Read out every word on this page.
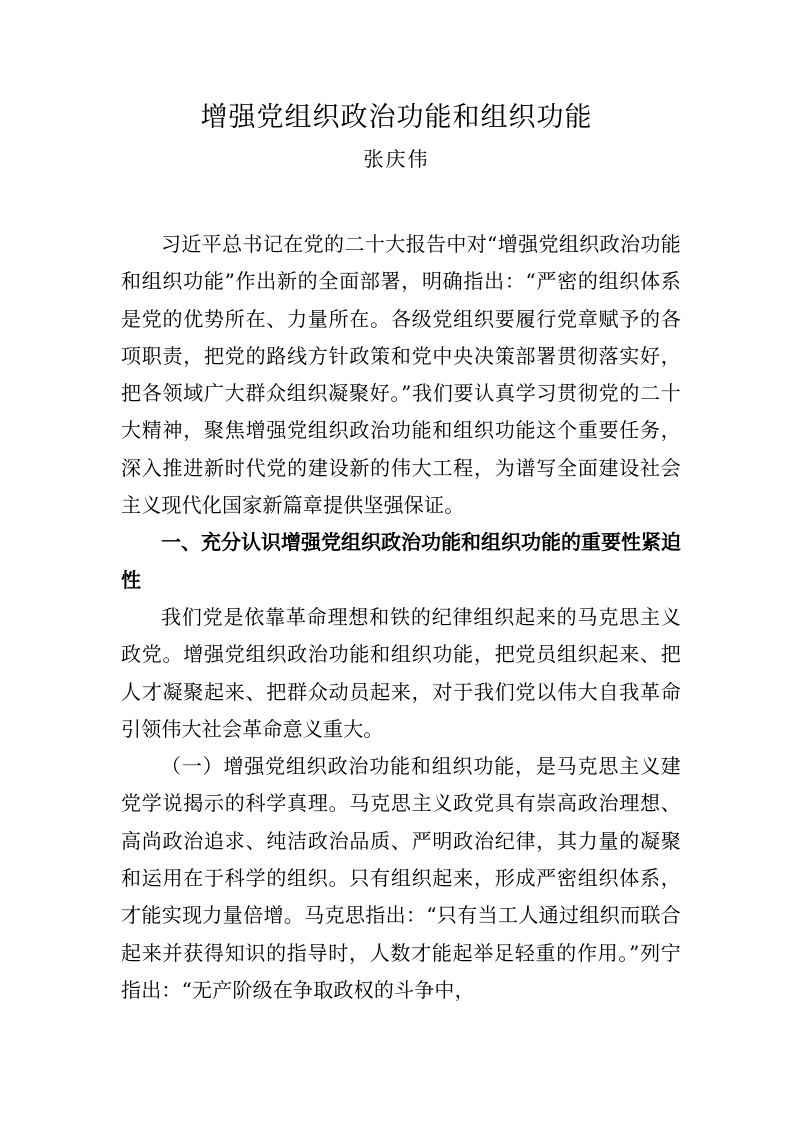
增强党组织政治功能和组织功能
张庆伟

习近平总书记在党的二十大报告中对“增强党组织政治功能和组织功能”作出新的全面部署，明确指出：“严密的组织体系是党的优势所在、力量所在。各级党组织要履行党章赋予的各项职责，把党的路线方针政策和党中央决策部署贯彻落实好，把各领域广大群众组织凝聚好。”我们要认真学习贯彻党的二十大精神，聚焦增强党组织政治功能和组织功能这个重要任务，深入推进新时代党的建设新的伟大工程，为谱写全面建设社会主义现代化国家新篇章提供坚强保证。

一、充分认识增强党组织政治功能和组织功能的重要性紧迫性

我们党是依靠革命理想和铁的纪律组织起来的马克思主义政党。增强党组织政治功能和组织功能，把党员组织起来、把人才凝聚起来、把群众动员起来，对于我们党以伟大自我革命引领伟大社会革命意义重大。

（一）增强党组织政治功能和组织功能，是马克思主义建党学说揭示的科学真理。马克思主义政党具有崇高政治理想、高尚政治追求、纯洁政治品质、严明政治纪律，其力量的凝聚和运用在于科学的组织。只有组织起来，形成严密组织体系，才能实现力量倍增。马克思指出：“只有当工人通过组织而联合起来并获得知识的指导时，人数才能起举足轻重的作用。”列宁指出：“无产阶级在争取政权的斗争中，
